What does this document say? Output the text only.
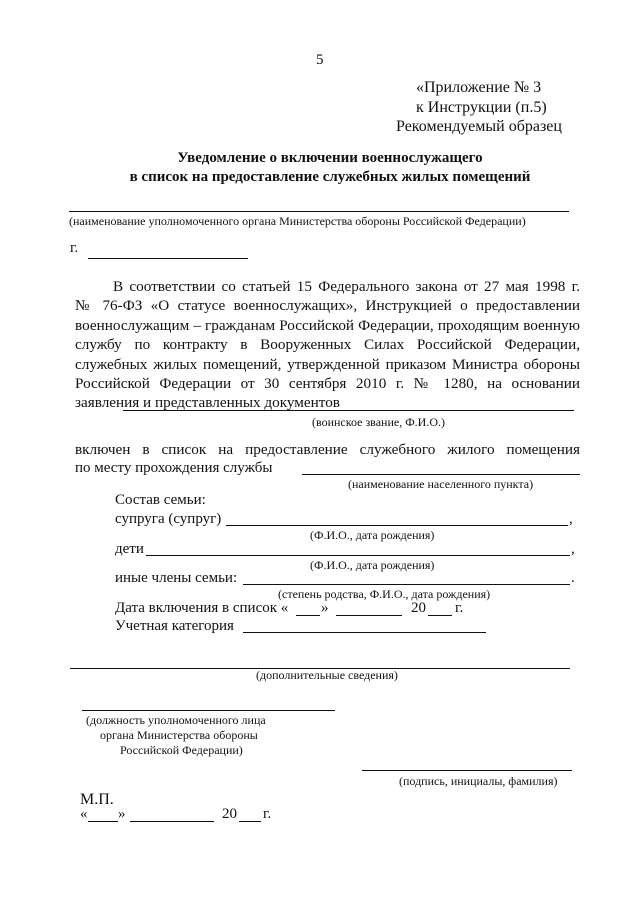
5
«Приложение № 3
к Инструкции (п.5)
Рекомендуемый образец
Уведомление о включении военнослужащего
в список на предоставление служебных жилых помещений
(наименование уполномоченного органа Министерства обороны Российской Федерации)
г.
В соответствии со статьей 15 Федерального закона от 27 мая 1998 г.
№ 76-ФЗ «О статусе военнослужащих», Инструкцией о предоставлении
военнослужащим – гражданам Российской Федерации, проходящим военную
службу по контракту в Вооруженных Силах Российской Федерации,
служебных жилых помещений, утвержденной приказом Министра обороны
Российской Федерации от 30 сентября 2010 г. № 1280, на основании
заявления и представленных документов
(воинское звание, Ф.И.О.)
включен в список на предоставление служебного жилого помещения
по месту прохождения службы
(наименование населенного пункта)
Состав семьи:
супруга (супруг)	,
(Ф.И.О., дата рождения)
дети	,
(Ф.И.О., дата рождения)
иные члены семьи:	.
(степень родства, Ф.И.О., дата рождения)
Дата включения в список « »	20 г.
Учетная категория
(дополнительные сведения)
(должность уполномоченного лица
органа Министерства обороны
Российской Федерации)
(подпись, инициалы, фамилия)
М.П.
« »	20 г.
